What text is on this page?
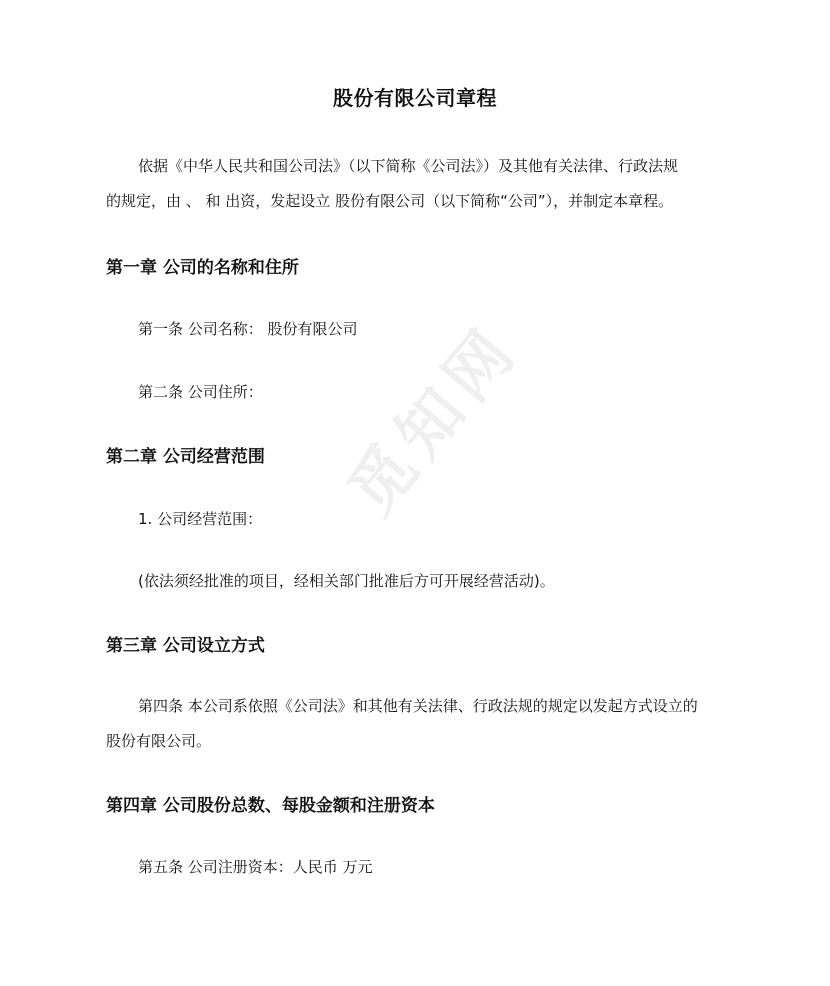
觅知网
股份有限公司章程
依据《中华人民共和国公司法》（以下简称《公司法》）及其他有关法律、行政法规
的规定，由 、 和 出资，发起设立 股份有限公司（以下简称“公司”），并制定本章程。
第一章 公司的名称和住所
第一条 公司名称： 股份有限公司
第二条 公司住所：
第二章 公司经营范围
1. 公司经营范围：
(依法须经批准的项目，经相关部门批准后方可开展经营活动)。
第三章 公司设立方式
第四条 本公司系依照《公司法》和其他有关法律、行政法规的规定以发起方式设立的
股份有限公司。
第四章 公司股份总数、每股金额和注册资本
第五条 公司注册资本：人民币 万元
